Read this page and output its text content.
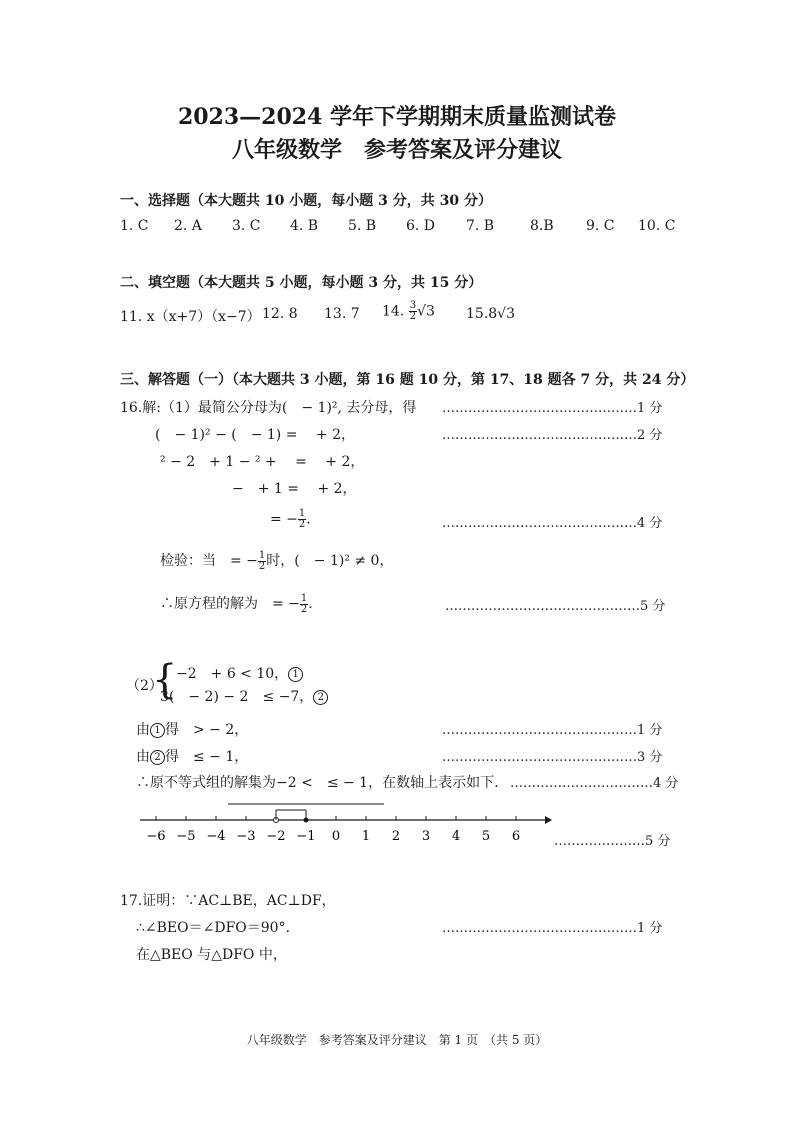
2023—2024 学年下学期期末质量监测试卷
八年级数学　参考答案及评分建议
一、选择题（本大题共 10 小题，每小题 3 分，共 30 分）
1. C 2. A 3. C 4. B 5. B 6. D 7. B	8.B 9. C 10. C
二、填空题（本大题共 5 小题，每小题 3 分，共 15 分）
11. x（x+7）（x−7） 12. 8 13. 7 14. $\frac{3}{2} √3$ 15.8√3
三、解答题（一）（本大题共 3 小题，第 16 题 10 分，第 17、18 题各 7 分，共 24 分）
16.解:（1）最简公分母为(　− 1)², 去分母，得 ………………………………………1 分
(　− 1)² − (　− 1) =　 + 2，	………………………………………2 分
² − 2　+ 1 − ² +　 =　 + 2，
−　+ 1 =　 + 2，
= − $\frac{1}{2}$ .	………………………………………4 分
检验：当　= − $\frac{1}{2}$ 时，(　− 1)² ≠ 0，
∴原方程的解为　= − $\frac{1}{2}$ .	………………………………………5 分
（2）
{
−2　+ 6 < 10， 1
3(　− 2) − 2　≤ −7， 2
由 1 得　> − 2，	………………………………………1 分
由 2 得　≤ − 1，	………………………………………3 分
∴原不等式组的解集为−2 <　≤ − 1，在数轴上表示如下. ……………………………4 分
−6 −5 −4 −3 −2 −1 0 1 2 3 4 5 6	…………………5 分
17.证明：∵AC⊥BE，AC⊥DF，
∴∠BEO＝∠DFO＝90°．	………………………………………1 分
在△BEO 与△DFO 中，
八年级数学　参考答案及评分建议　第 1 页　（共 5 页）
